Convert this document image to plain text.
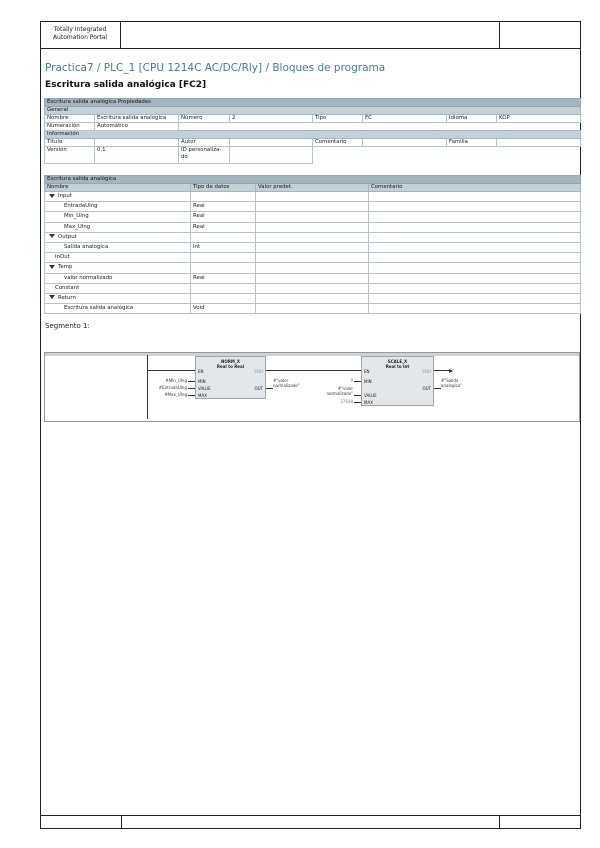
Totally Integrated
Automation Portal
Practica7 / PLC_1 [CPU 1214C AC/DC/Rly] / Bloques de programa
Escritura salida analógica [FC2]
Escritura salida analógica Propiedades							
General							
Nombre	Escritura salida analógica	Número	2	Tipo	FC	Idioma	KOP
Numeración	Automático						
Información							
Título		Autor		Comentario		Familia	
Versión	0.1	ID personaliza-do					
Escritura salida analógica			
Nombre	Tipo de datos	Valor predet.	Comentario
Input			
EntradaUIng	Real		
Min_UIng	Real		
Max_UIng	Real		
Output			
Salida analogica	Int		
InOut			
Temp			
valor normalizado	Real		
Constant			
Return			
Escritura salida analógica	Void		
Segmento 1:
NORM_X
Real to Real
EN	ENO
MIN
VALUE
MAX
OUT
#Min_UIng
#EntradaUIng
#Max_UIng
#"valor
normalizado"
SCALE_X
Real to Int
EN	ENO
MIN
VALUE
MAX
OUT
0
#"valor
normalizado"
27648
#"Salida
analogica"
